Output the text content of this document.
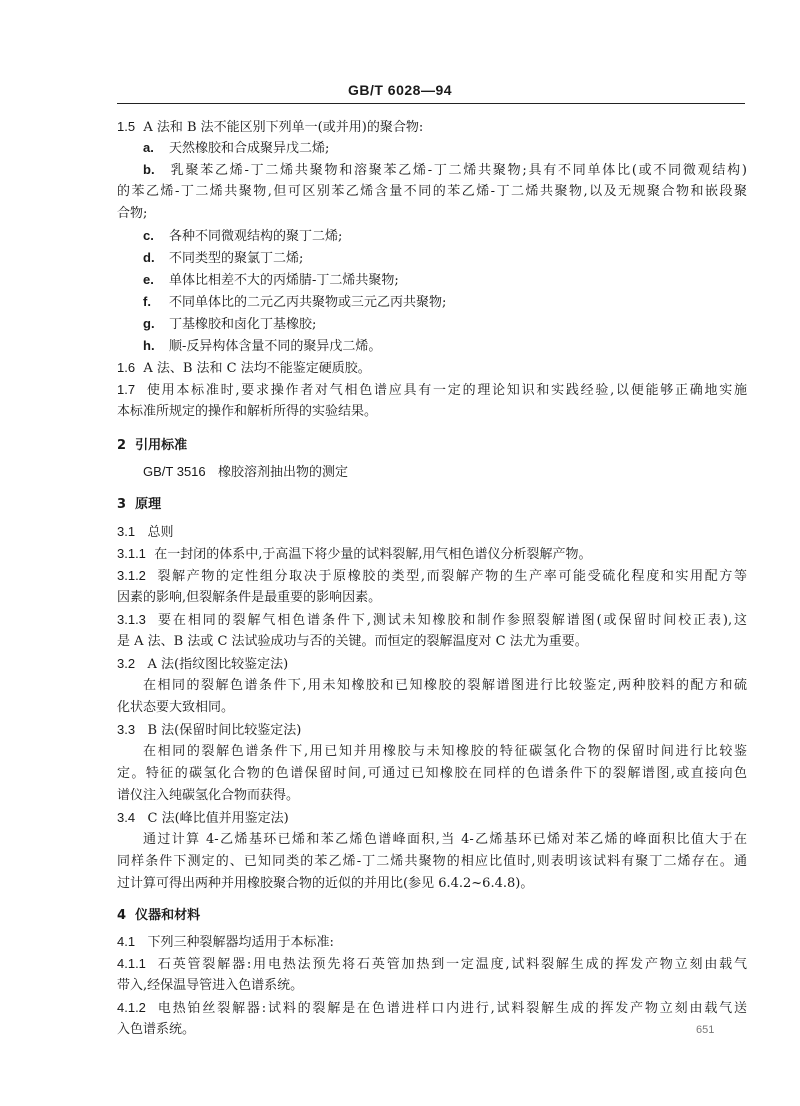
GB/T 6028—94
1.5 A 法和 B 法不能区别下列单一(或并用)的聚合物:
a. 天然橡胶和合成聚异戊二烯;
b. 乳聚苯乙烯-丁二烯共聚物和溶聚苯乙烯-丁二烯共聚物;具有不同单体比(或不同微观结构)
的苯乙烯-丁二烯共聚物,但可区别苯乙烯含量不同的苯乙烯-丁二烯共聚物,以及无规聚合物和嵌段聚
合物;
c. 各种不同微观结构的聚丁二烯;
d. 不同类型的聚氯丁二烯;
e. 单体比相差不大的丙烯腈-丁二烯共聚物;
f. 不同单体比的二元乙丙共聚物或三元乙丙共聚物;
g. 丁基橡胶和卤化丁基橡胶;
h. 顺-反异构体含量不同的聚异戊二烯。
1.6 A 法、B 法和 C 法均不能鉴定硬质胶。
1.7 使用本标准时,要求操作者对气相色谱应具有一定的理论知识和实践经验,以便能够正确地实施
本标准所规定的操作和解析所得的实验结果。
2 引用标准
GB/T 3516 橡胶溶剂抽出物的测定
3 原理
3.1 总则
3.1.1 在一封闭的体系中,于高温下将少量的试料裂解,用气相色谱仪分析裂解产物。
3.1.2 裂解产物的定性组分取决于原橡胶的类型,而裂解产物的生产率可能受硫化程度和实用配方等
因素的影响,但裂解条件是最重要的影响因素。
3.1.3 要在相同的裂解气相色谱条件下,测试未知橡胶和制作参照裂解谱图(或保留时间校正表),这
是 A 法、B 法或 C 法试验成功与否的关键。而恒定的裂解温度对 C 法尤为重要。
3.2 A 法(指纹图比较鉴定法)
在相同的裂解色谱条件下,用未知橡胶和已知橡胶的裂解谱图进行比较鉴定,两种胶料的配方和硫
化状态要大致相同。
3.3 B 法(保留时间比较鉴定法)
在相同的裂解色谱条件下,用已知并用橡胶与未知橡胶的特征碳氢化合物的保留时间进行比较鉴
定。特征的碳氢化合物的色谱保留时间,可通过已知橡胶在同样的色谱条件下的裂解谱图,或直接向色
谱仪注入纯碳氢化合物而获得。
3.4 C 法(峰比值并用鉴定法)
通过计算 4-乙烯基环已烯和苯乙烯色谱峰面积,当 4-乙烯基环已烯对苯乙烯的峰面积比值大于在
同样条件下测定的、已知同类的苯乙烯-丁二烯共聚物的相应比值时,则表明该试料有聚丁二烯存在。通
过计算可得出两种并用橡胶聚合物的近似的并用比(参见 6.4.2~6.4.8)。
4 仪器和材料
4.1 下列三种裂解器均适用于本标准:
4.1.1 石英管裂解器:用电热法预先将石英管加热到一定温度,试料裂解生成的挥发产物立刻由载气
带入,经保温导管进入色谱系统。
4.1.2 电热铂丝裂解器:试料的裂解是在色谱进样口内进行,试料裂解生成的挥发产物立刻由载气送
入色谱系统。	651
